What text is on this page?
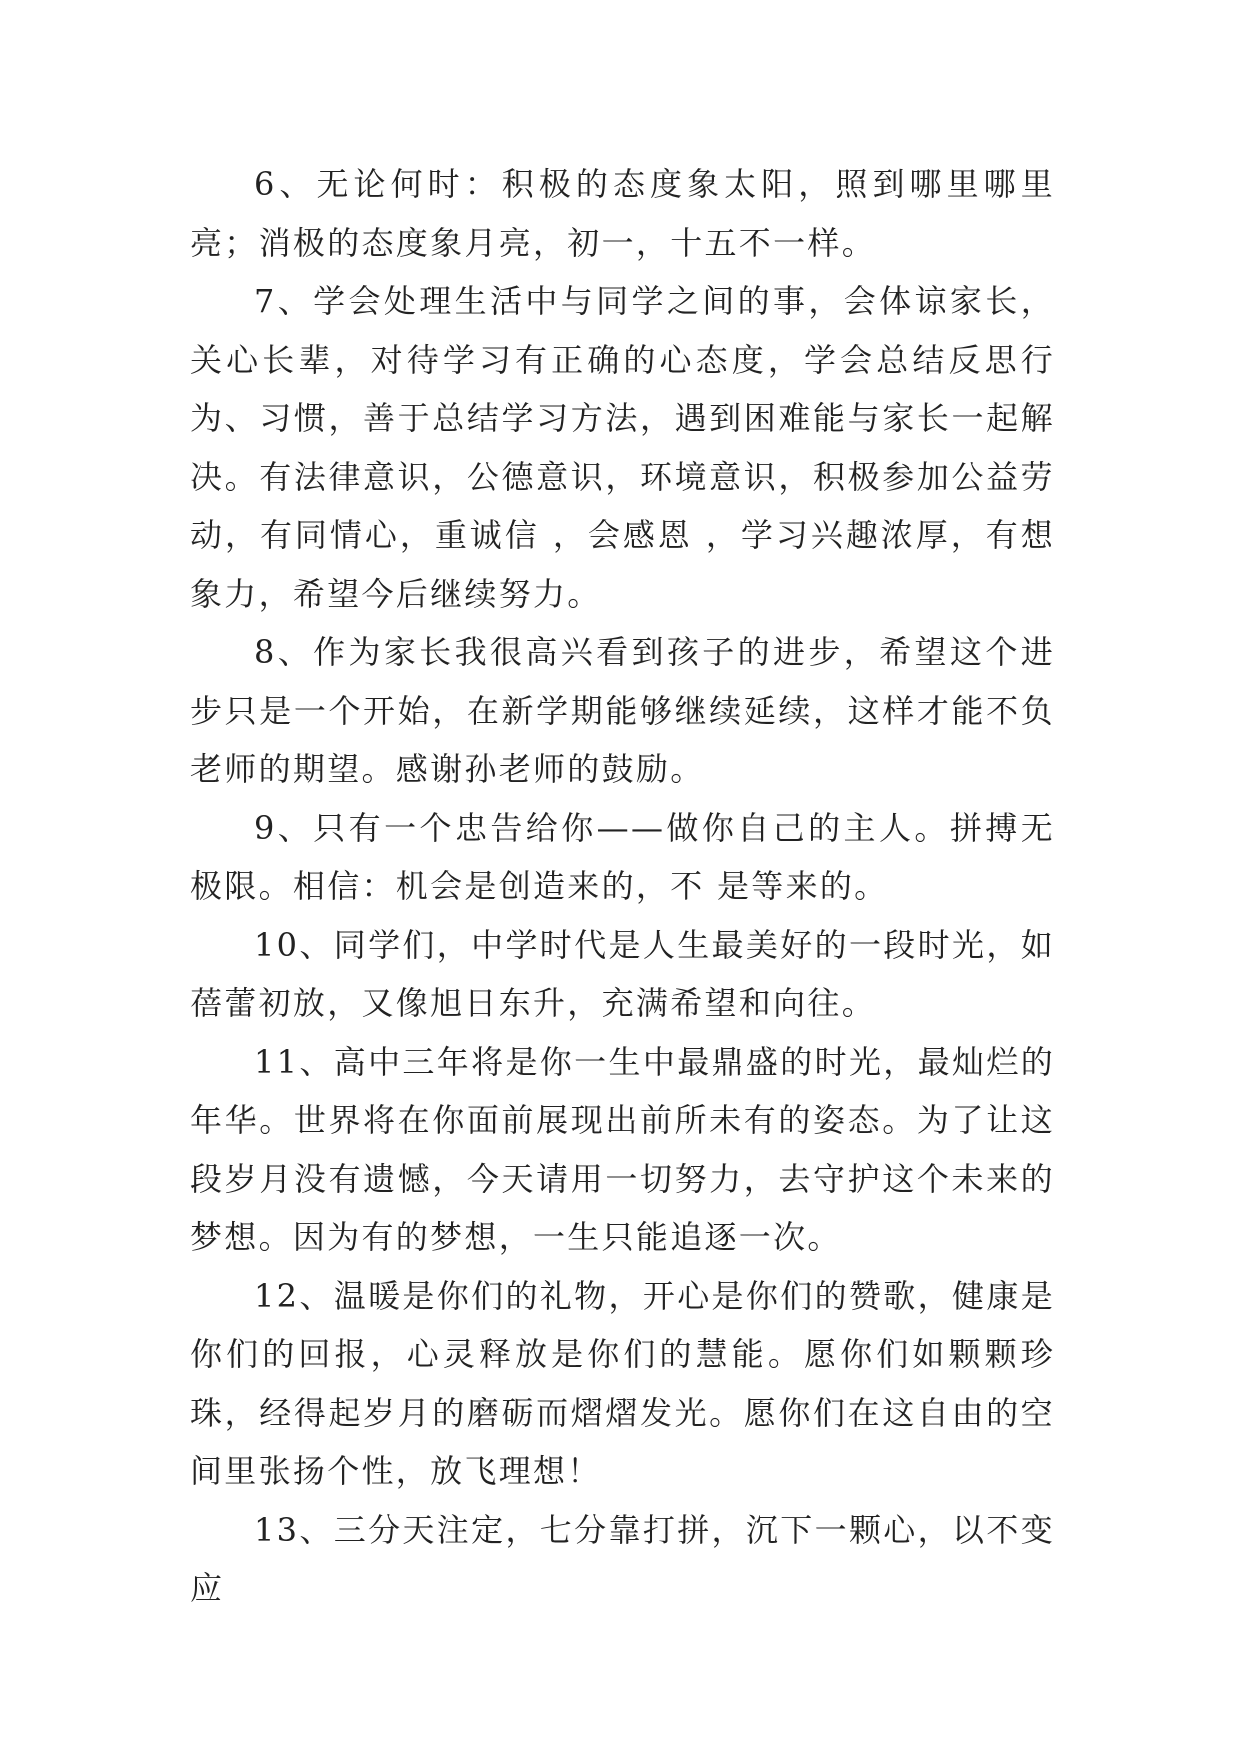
6、无论何时：积极的态度象太阳，照到哪里哪里亮；消极的态度象月亮，初一，十五不一样。

7、学会处理生活中与同学之间的事，会体谅家长，关心长辈，对待学习有正确的心态度，学会总结反思行为、习惯，善于总结学习方法，遇到困难能与家长一起解决。有法律意识，公德意识，环境意识，积极参加公益劳动，有同情心，重诚信 ，会感恩 ，学习兴趣浓厚，有想象力，希望今后继续努力。

8、作为家长我很高兴看到孩子的进步，希望这个进步只是一个开始，在新学期能够继续延续，这样才能不负老师的期望。感谢孙老师的鼓励。

9、只有一个忠告给你——做你自己的主人。拼搏无极限。相信：机会是创造来的，不 是等来的。

10、同学们，中学时代是人生最美好的一段时光，如蓓蕾初放，又像旭日东升，充满希望和向往。

11、高中三年将是你一生中最鼎盛的时光，最灿烂的年华。世界将在你面前展现出前所未有的姿态。为了让这段岁月没有遗憾，今天请用一切努力，去守护这个未来的梦想。因为有的梦想，一生只能追逐一次。

12、温暖是你们的礼物，开心是你们的赞歌，健康是你们的回报，心灵释放是你们的慧能。愿你们如颗颗珍珠，经得起岁月的磨砺而熠熠发光。愿你们在这自由的空间里张扬个性，放飞理想！

13、三分天注定，七分靠打拼，沉下一颗心，以不变应
